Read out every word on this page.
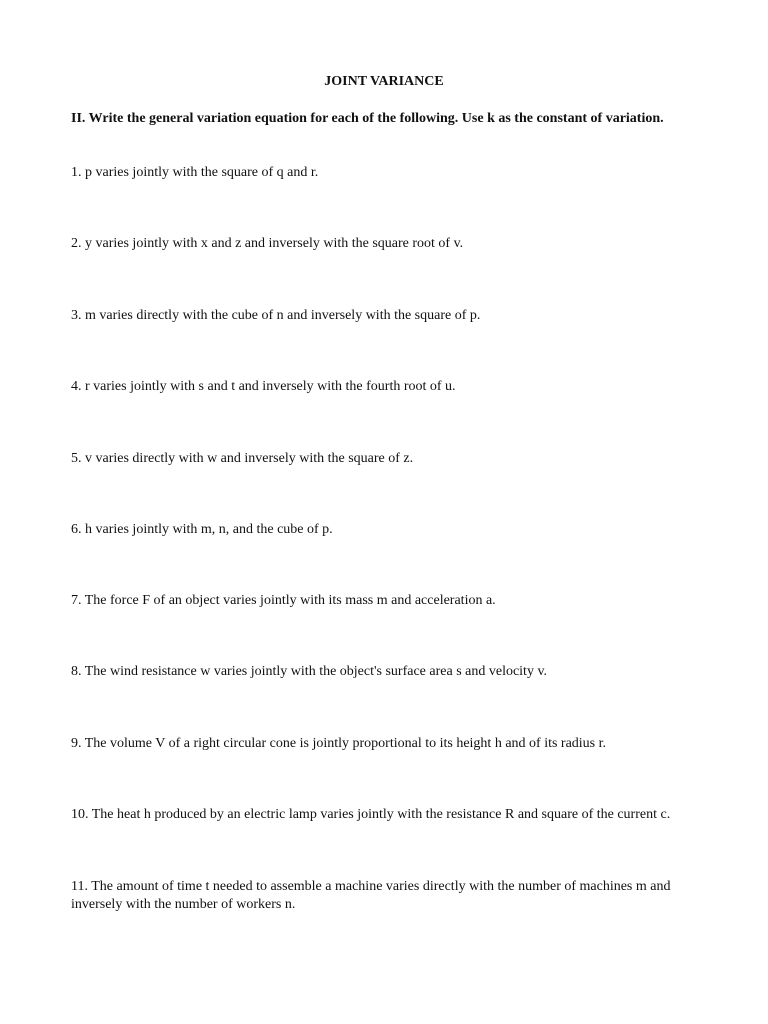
JOINT VARIANCE
II. Write the general variation equation for each of the following. Use k as the constant of variation.
1. p varies jointly with the square of q and r.
2. y varies jointly with x and z and inversely with the square root of v.
3. m varies directly with the cube of n and inversely with the square of p.
4. r varies jointly with s and t and inversely with the fourth root of u.
5. v varies directly with w and inversely with the square of z.
6. h varies jointly with m, n, and the cube of p.
7. The force F of an object varies jointly with its mass m and acceleration a.
8. The wind resistance w varies jointly with the object's surface area s and velocity v.
9. The volume V of a right circular cone is jointly proportional to its height h and of its radius r.
10. The heat h produced by an electric lamp varies jointly with the resistance R and square of the current c.
11. The amount of time t needed to assemble a machine varies directly with the number of machines m and inversely with the number of workers n.
